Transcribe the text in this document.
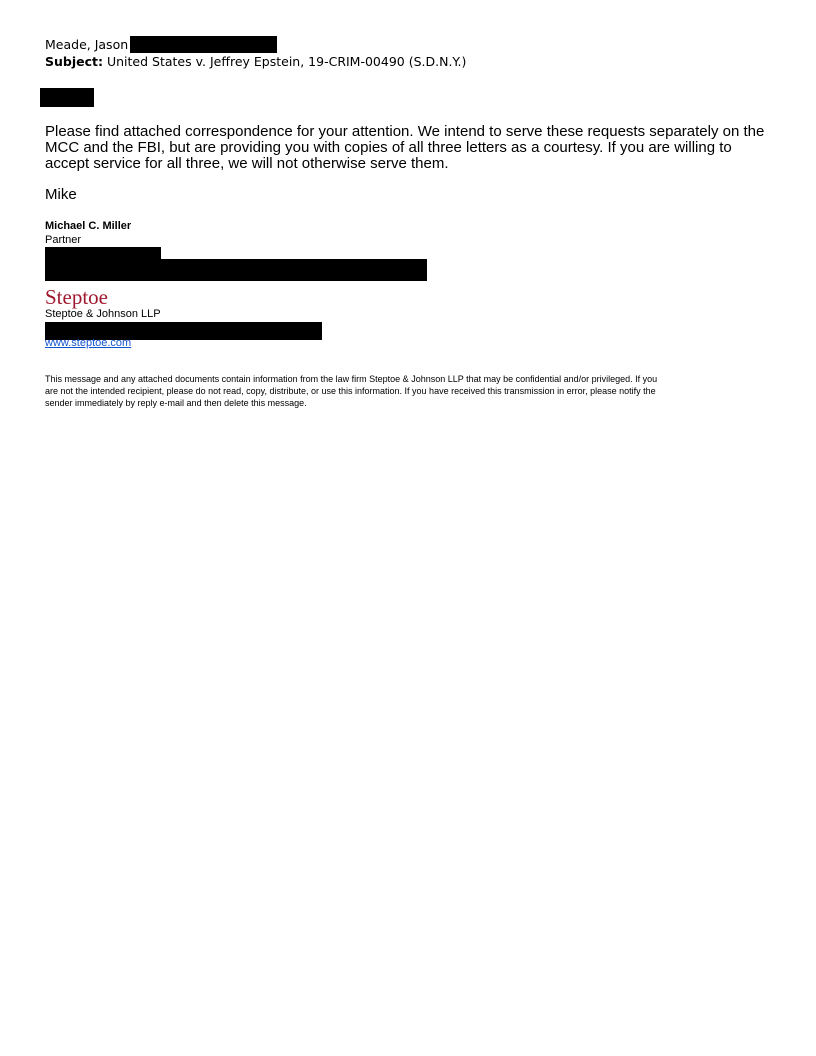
Meade, Jason
Subject: United States v. Jeffrey Epstein, 19-CRIM-00490 (S.D.N.Y.)
Please find attached correspondence for your attention. We intend to serve these requests separately on the MCC and the FBI, but are providing you with copies of all three letters as a courtesy. If you are willing to accept service for all three, we will not otherwise serve them.
Mike
Michael C. Miller
Partner
Steptoe
Steptoe & Johnson LLP
www.steptoe.com
This message and any attached documents contain information from the law firm Steptoe & Johnson LLP that may be confidential and/or privileged. If you
are not the intended recipient, please do not read, copy, distribute, or use this information. If you have received this transmission in error, please notify the
sender immediately by reply e-mail and then delete this message.
